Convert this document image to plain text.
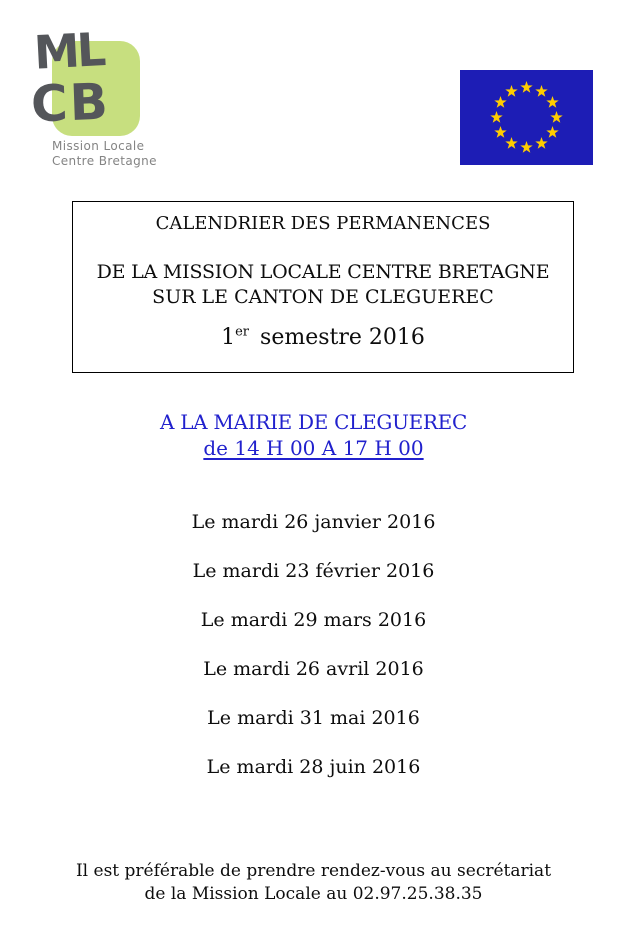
ML
CB
Mission Locale
Centre Bretagne
CALENDRIER DES PERMANENCES
DE LA MISSION LOCALE CENTRE BRETAGNE
SUR LE CANTON DE CLEGUEREC
1er semestre 2016
A LA MAIRIE DE CLEGUEREC
de 14 H 00 A 17 H 00
Le mardi 26 janvier 2016
Le mardi 23 février 2016
Le mardi 29 mars 2016
Le mardi 26 avril 2016
Le mardi 31 mai 2016
Le mardi 28 juin 2016
Il est préférable de prendre rendez-vous au secrétariat
de la Mission Locale au 02.97.25.38.35
